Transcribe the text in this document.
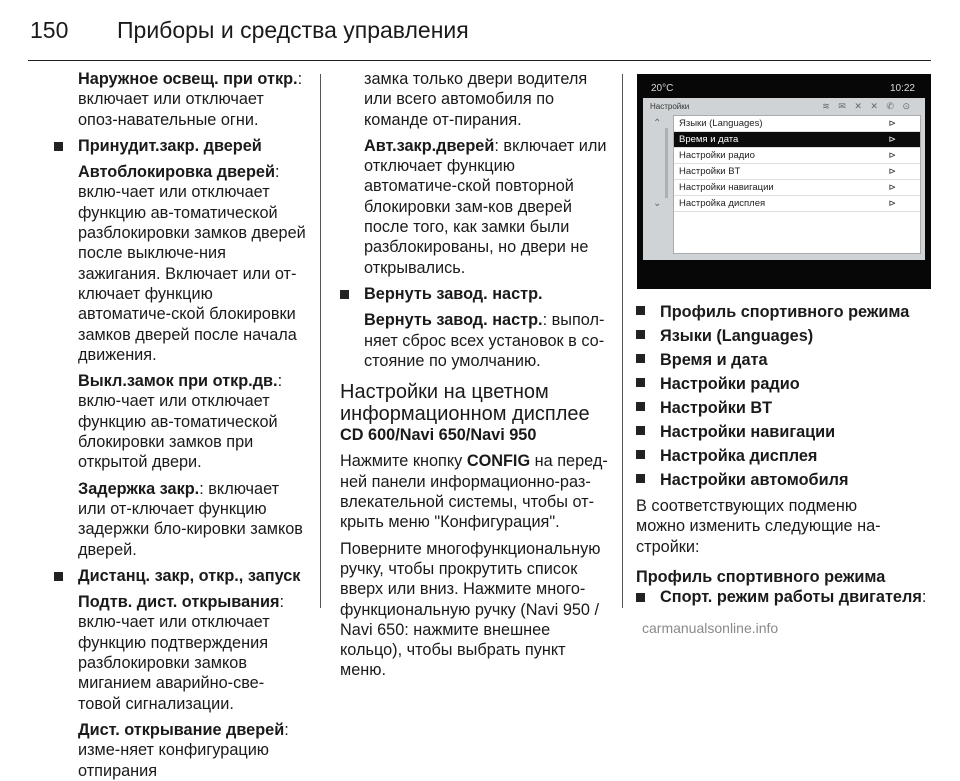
150 Приборы и средства управления

Наружное освещ. при откр.: включает или отключает опоз-навательные огни.

Принудит.закр. дверей

Автоблокировка дверей: вклю-чает или отключает функцию ав-томатической разблокировки замков дверей после выключе-ния зажигания. Включает или от-ключает функцию автоматиче-ской блокировки замков дверей после начала движения.

Выкл.замок при откр.дв.: вклю-чает или отключает функцию ав-томатической блокировки замков при открытой двери.

Задержка закр.: включает или от-ключает функцию задержки бло-кировки замков дверей.

Дистанц. закр, откр., запуск

Подтв. дист. открывания: вклю-чает или отключает функцию подтверждения разблокировки замков миганием аварийно-све-товой сигнализации.

Дист. открывание дверей: изме-няет конфигурацию отпирания

замка только двери водителя или всего автомобиля по команде от-пирания.

Авт.закр.дверей: включает или отключает функцию автоматиче-ской повторной блокировки зам-ков дверей после того, как замки были разблокированы, но двери не открывались.

Вернуть завод. настр.

Вернуть завод. настр.: выпол-няет сброс всех установок в со-стояние по умолчанию.

Настройки на цветном информационном дисплее

CD 600/Navi 650/Navi 950

Нажмите кнопку CONFIG на перед-ней панели информационно-раз-влекательной системы, чтобы от-крыть меню "Конфигурация".

Поверните многофункциональную ручку, чтобы прокрутить список вверх или вниз. Нажмите много-функциональную ручку (Navi 950 / Navi 650: нажмите внешнее кольцо), чтобы выбрать пункт меню.

20°C	10:22
Настройки	≋ ✉ ✕ ✕ ✆ ⊙
⌃
⌄
Языки (Languages)	⊳
Время и дата	⊳
Настройки радио	⊳
Настройки BT	⊳
Настройки навигации	⊳
Настройка дисплея	⊳

Профиль спортивного режима

Языки (Languages)

Время и дата

Настройки радио

Настройки BT

Настройки навигации

Настройка дисплея

Настройки автомобиля

В соответствующих подменю можно изменить следующие на-стройки:

Профиль спортивного режима

Спорт. режим работы двигателя:

carmanualsonline.info
